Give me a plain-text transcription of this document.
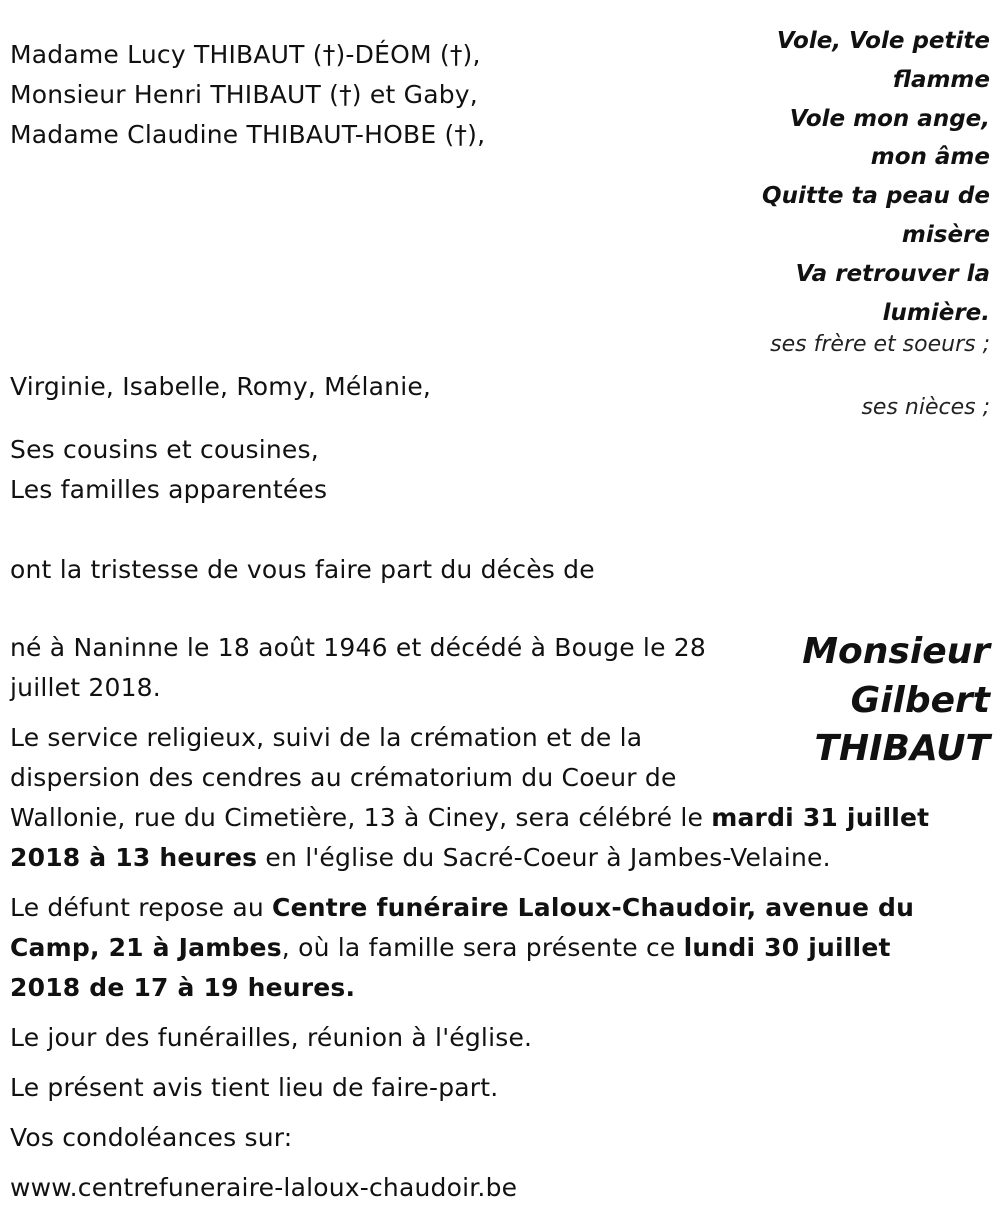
Madame Lucy THIBAUT (†)-DÉOM (†),
Monsieur Henri THIBAUT (†) et Gaby,
Madame Claudine THIBAUT-HOBE (†),
Vole, Vole petite
flamme
Vole mon ange,
mon âme
Quitte ta peau de
misère
Va retrouver la
lumière.
ses frère et soeurs ;
Virginie, Isabelle, Romy, Mélanie,
ses nièces ;
Ses cousins et cousines,
Les familles apparentées
ont la tristesse de vous faire part du décès de
Monsieur
Gilbert
THIBAUT

né à Naninne le 18 août 1946 et décédé à Bouge le 28 juillet 2018.

Le service religieux, suivi de la crémation et de la dispersion des cendres au crématorium du Coeur de Wallonie, rue du Cimetière, 13 à Ciney, sera célébré le mardi 31 juillet 2018 à 13 heures en l'église du Sacré-Coeur à Jambes-Velaine.

Le défunt repose au Centre funéraire Laloux-Chaudoir, avenue du Camp, 21 à Jambes, où la famille sera présente ce lundi 30 juillet 2018 de 17 à 19 heures.

Le jour des funérailles, réunion à l'église.

Le présent avis tient lieu de faire-part.

Vos condoléances sur:

www.centrefuneraire-laloux-chaudoir.be
